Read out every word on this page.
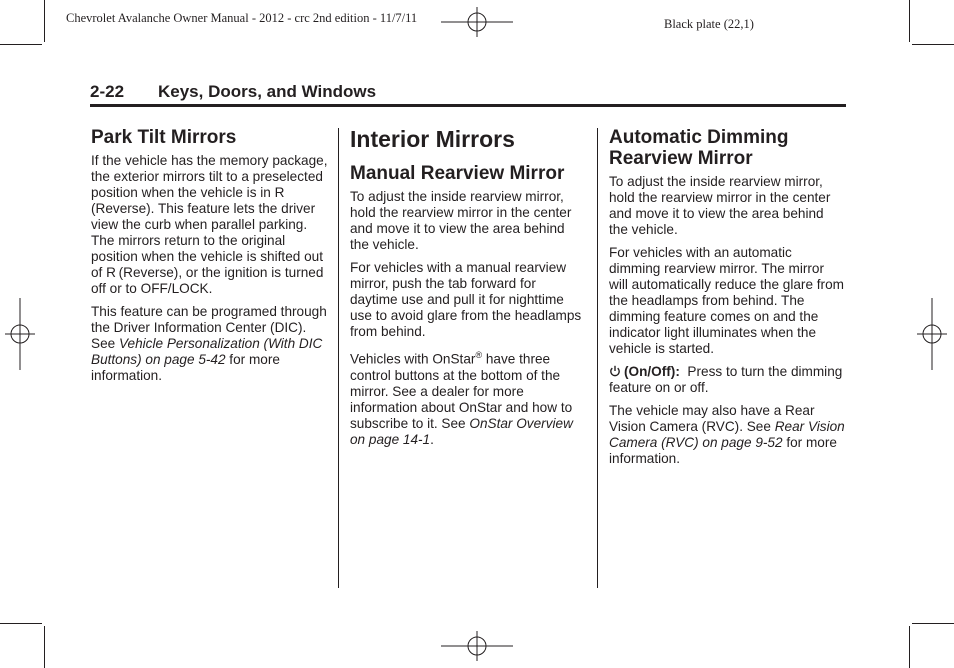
Chevrolet Avalanche Owner Manual - 2012 - crc 2nd edition - 11/7/11	Black plate (22,1)
2-22 Keys, Doors, and Windows
Park Tilt Mirrors

If the vehicle has the memory package, the exterior mirrors tilt to a preselected position when the vehicle is in R (Reverse). This feature lets the driver view the curb when parallel parking. The mirrors return to the original position when the vehicle is shifted out of R (Reverse), or the ignition is turned off or to OFF/LOCK.

This feature can be programed through the Driver Information Center (DIC). See Vehicle Personalization (With DIC Buttons) on page 5-42 for more information.

Interior Mirrors
Manual Rearview Mirror

To adjust the inside rearview mirror, hold the rearview mirror in the center and move it to view the area behind the vehicle.

For vehicles with a manual rearview mirror, push the tab forward for daytime use and pull it for nighttime use to avoid glare from the headlamps from behind.

Vehicles with OnStar® have three control buttons at the bottom of the mirror. See a dealer for more information about OnStar and how to subscribe to it. See OnStar Overview on page 14-1.

Automatic Dimming Rearview Mirror

To adjust the inside rearview mirror, hold the rearview mirror in the center and move it to view the area behind the vehicle.

For vehicles with an automatic dimming rearview mirror. The mirror will automatically reduce the glare from the headlamps from behind. The dimming feature comes on and the indicator light illuminates when the vehicle is started.

(On/Off):  Press to turn the dimming feature on or off.

The vehicle may also have a Rear Vision Camera (RVC). See Rear Vision Camera (RVC) on page 9-52 for more information.
